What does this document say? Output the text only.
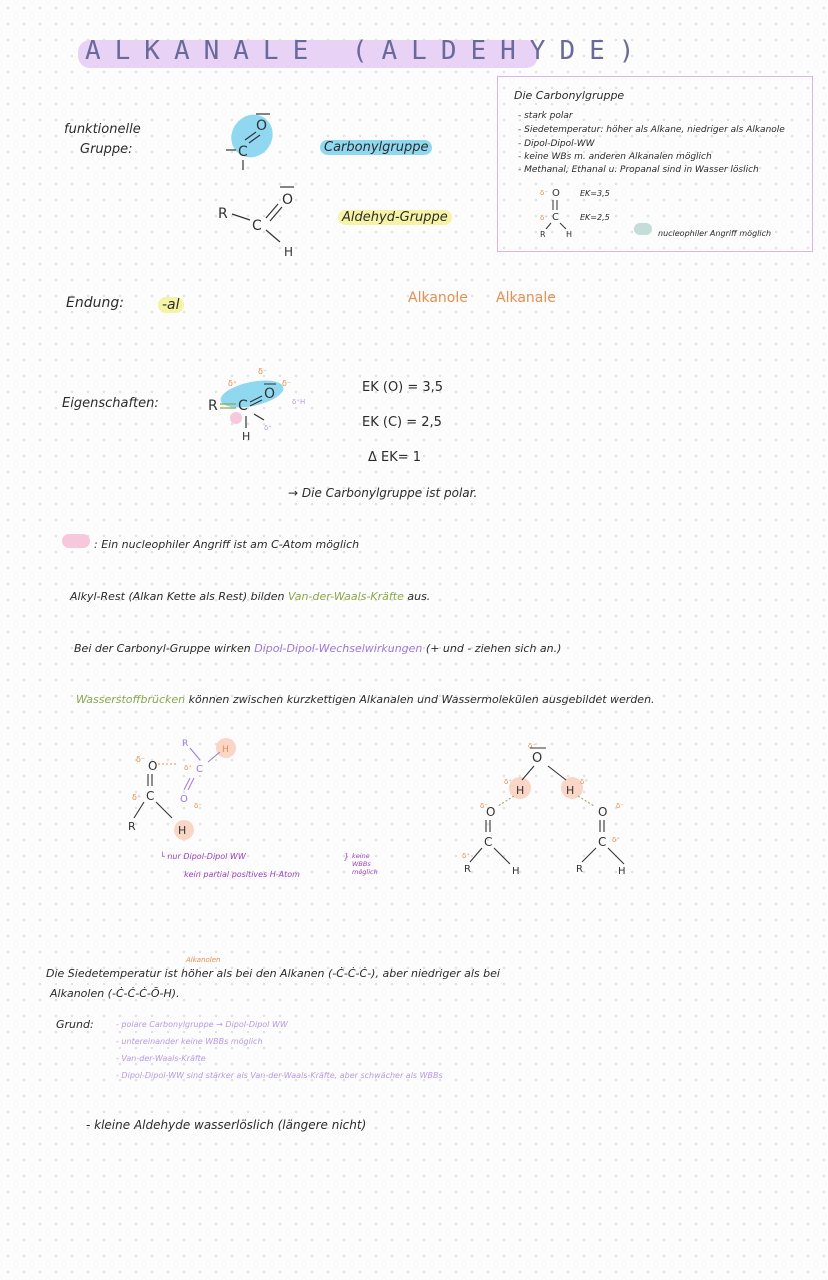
ALKANALE (ALDEHYDE)
Die Carbonylgruppe
- stark polar
- Siedetemperatur: höher als Alkane, niedriger als Alkanole
- Dipol-Dipol-WW
- keine WBs m. anderen Alkanalen möglich
- Methanal, Ethanal u. Propanal sind in Wasser löslich
δ⁻ O
δ⁺ C
R	H
EK=3,5
EK=2,5
nucleophiler Angriff möglich
funktionelle
Gruppe:
O
C	Carbonylgruppe
O
C
R
H
Aldehyd-Gruppe
Endung:	-al	Alkanole Alkanale
Eigenschaften:
δ⁻
δ⁻
δ⁺
R C
O δ⁺H
δ⁺
H
EK (O) = 3,5
EK (C) = 2,5
Δ EK= 1
→ Die Carbonylgruppe ist polar.
: Ein nucleophiler Angriff ist am C-Atom möglich
Alkyl-Rest (Alkan Kette als Rest) bilden Van-der-Waals-Kräfte aus.
Bei der Carbonyl-Gruppe wirken Dipol-Dipol-Wechselwirkungen (+ und - ziehen sich an.)
Wasserstoffbrücken können zwischen kurzkettigen Alkanalen und Wassermolekülen ausgebildet werden.
R
H
C
δ⁺
O
δ⁻
δ⁻ O
δ⁺ C
R	H
└ nur Dipol-Dipol WW
kein partial positives H-Atom
} keine
WBBs
möglich
δ⁻
O
H	H
δ⁺	δ⁺
δ⁻
O
δ⁺
C
R	H
O δ⁻
C δ⁺
R	H
Alkanolen
Die Siedetemperatur ist höher als bei den Alkanen (-Ċ-Ċ-Ċ-), aber niedriger als bei
Alkanolen (-Ċ-Ċ-Ċ-Ō-H).
Grund:	- polare Carbonylgruppe → Dipol-Dipol WW
- untereinander keine WBBs möglich
- Van-der-Waals-Kräfte
- Dipol-Dipol-WW sind stärker als Van-der-Waals-Kräfte, aber schwächer als WBBs
- kleine Aldehyde wasserlöslich (längere nicht)
